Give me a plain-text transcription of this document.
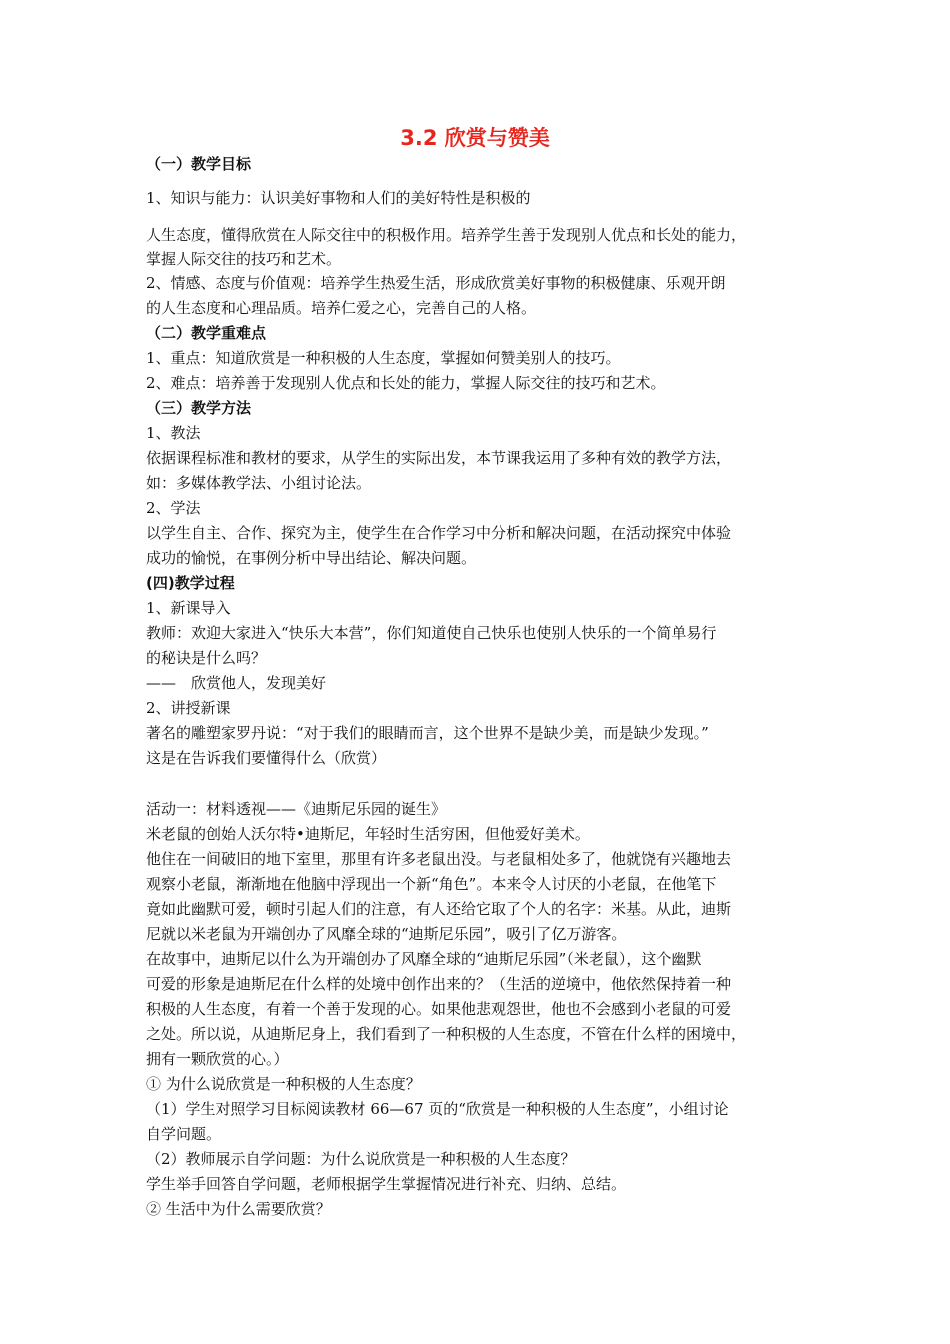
3.2 欣赏与赞美

（一）教学目标

1、知识与能力：认识美好事物和人们的美好特性是积极的

人生态度，懂得欣赏在人际交往中的积极作用。培养学生善于发现别人优点和长处的能力，

掌握人际交往的技巧和艺术。

2、情感、态度与价值观：培养学生热爱生活，形成欣赏美好事物的积极健康、乐观开朗

的人生态度和心理品质。培养仁爱之心，完善自己的人格。

（二）教学重难点

1、重点：知道欣赏是一种积极的人生态度，掌握如何赞美别人的技巧。

2、难点：培养善于发现别人优点和长处的能力，掌握人际交往的技巧和艺术。

（三）教学方法

1、教法

依据课程标准和教材的要求，从学生的实际出发，本节课我运用了多种有效的教学方法，

如：多媒体教学法、小组讨论法。

2、学法

以学生自主、合作、探究为主，使学生在合作学习中分析和解决问题，在活动探究中体验

成功的愉悦，在事例分析中导出结论、解决问题。

(四)教学过程

1、新课导入

教师：欢迎大家进入“快乐大本营”，你们知道使自己快乐也使别人快乐的一个简单易行

的秘诀是什么吗？

——　欣赏他人，发现美好

2、讲授新课

著名的雕塑家罗丹说：“对于我们的眼睛而言，这个世界不是缺少美，而是缺少发现。”

这是在告诉我们要懂得什么（欣赏）

活动一：材料透视——《迪斯尼乐园的诞生》

米老鼠的创始人沃尔特•迪斯尼，年轻时生活穷困，但他爱好美术。

他住在一间破旧的地下室里，那里有许多老鼠出没。与老鼠相处多了，他就饶有兴趣地去

观察小老鼠，渐渐地在他脑中浮现出一个新“角色”。本来令人讨厌的小老鼠，在他笔下

竟如此幽默可爱，顿时引起人们的注意，有人还给它取了个人的名字：米基。从此，迪斯

尼就以米老鼠为开端创办了风靡全球的“迪斯尼乐园”，吸引了亿万游客。

在故事中，迪斯尼以什么为开端创办了风靡全球的“迪斯尼乐园”（米老鼠），这个幽默

可爱的形象是迪斯尼在什么样的处境中创作出来的？（生活的逆境中，他依然保持着一种

积极的人生态度，有着一个善于发现的心。如果他悲观怨世，他也不会感到小老鼠的可爱

之处。所以说，从迪斯尼身上，我们看到了一种积极的人生态度，不管在什么样的困境中，

拥有一颗欣赏的心。）

① 为什么说欣赏是一种积极的人生态度？

（1）学生对照学习目标阅读教材 66—67 页的“欣赏是一种积极的人生态度”，小组讨论

自学问题。

（2）教师展示自学问题：为什么说欣赏是一种积极的人生态度？

学生举手回答自学问题，老师根据学生掌握情况进行补充、归纳、总结。

② 生活中为什么需要欣赏？
